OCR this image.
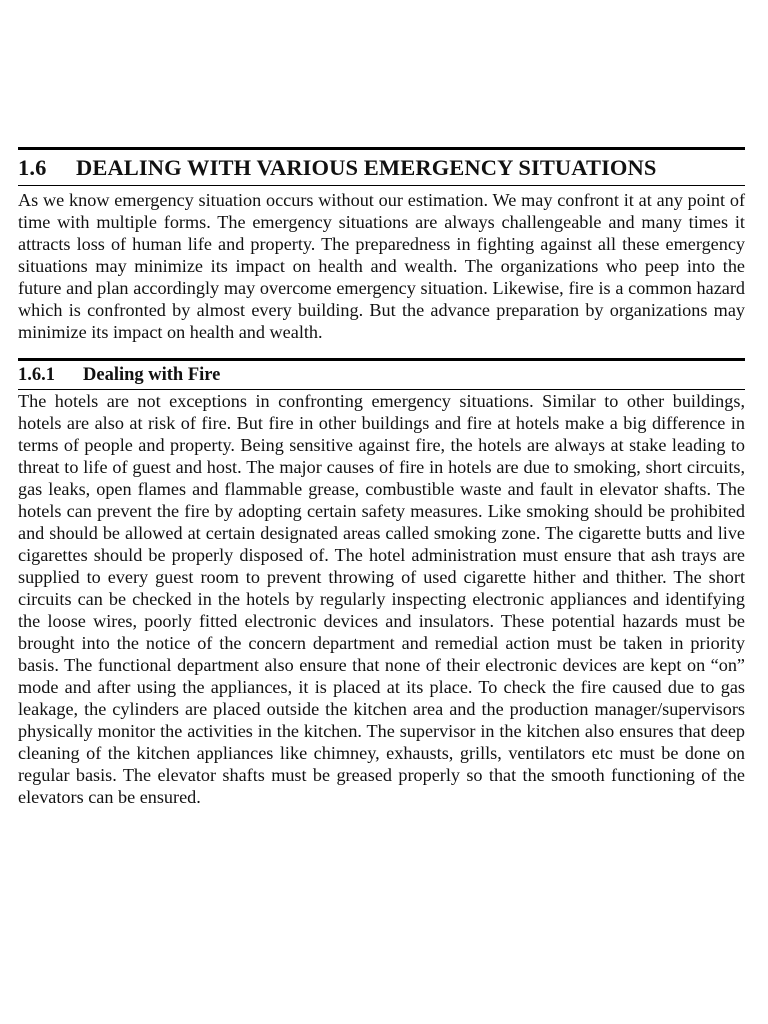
1.6 DEALING WITH VARIOUS EMERGENCY SITUATIONS

As we know emergency situation occurs without our estimation. We may confront it at any point of time with multiple forms. The emergency situations are always challengeable and many times it attracts loss of human life and property. The preparedness in fighting against all these emergency situations may minimize its impact on health and wealth. The organizations who peep into the future and plan accordingly may overcome emergency situation. Likewise, fire is a common hazard which is confronted by almost every building. But the advance preparation by organizations may minimize its impact on health and wealth.

1.6.1 Dealing with Fire

The hotels are not exceptions in confronting emergency situations. Similar to other buildings, hotels are also at risk of fire. But fire in other buildings and fire at hotels make a big difference in terms of people and property. Being sensitive against fire, the hotels are always at stake leading to threat to life of guest and host. The major causes of fire in hotels are due to smoking, short circuits, gas leaks, open flames and flammable grease, combustible waste and fault in elevator shafts. The hotels can prevent the fire by adopting certain safety measures. Like smoking should be prohibited and should be allowed at certain designated areas called smoking zone. The cigarette butts and live cigarettes should be properly disposed of. The hotel administration must ensure that ash trays are supplied to every guest room to prevent throwing of used cigarette hither and thither. The short circuits can be checked in the hotels by regularly inspecting electronic appliances and identifying the loose wires, poorly fitted electronic devices and insulators. These potential hazards must be brought into the notice of the concern department and remedial action must be taken in priority basis. The functional department also ensure that none of their electronic devices are kept on “on” mode and after using the appliances, it is placed at its place. To check the fire caused due to gas leakage, the cylinders are placed outside the kitchen area and the production manager/supervisors physically monitor the activities in the kitchen. The supervisor in the kitchen also ensures that deep cleaning of the kitchen appliances like chimney, exhausts, grills, ventilators etc must be done on regular basis. The elevator shafts must be greased properly so that the smooth functioning of the elevators can be ensured.
